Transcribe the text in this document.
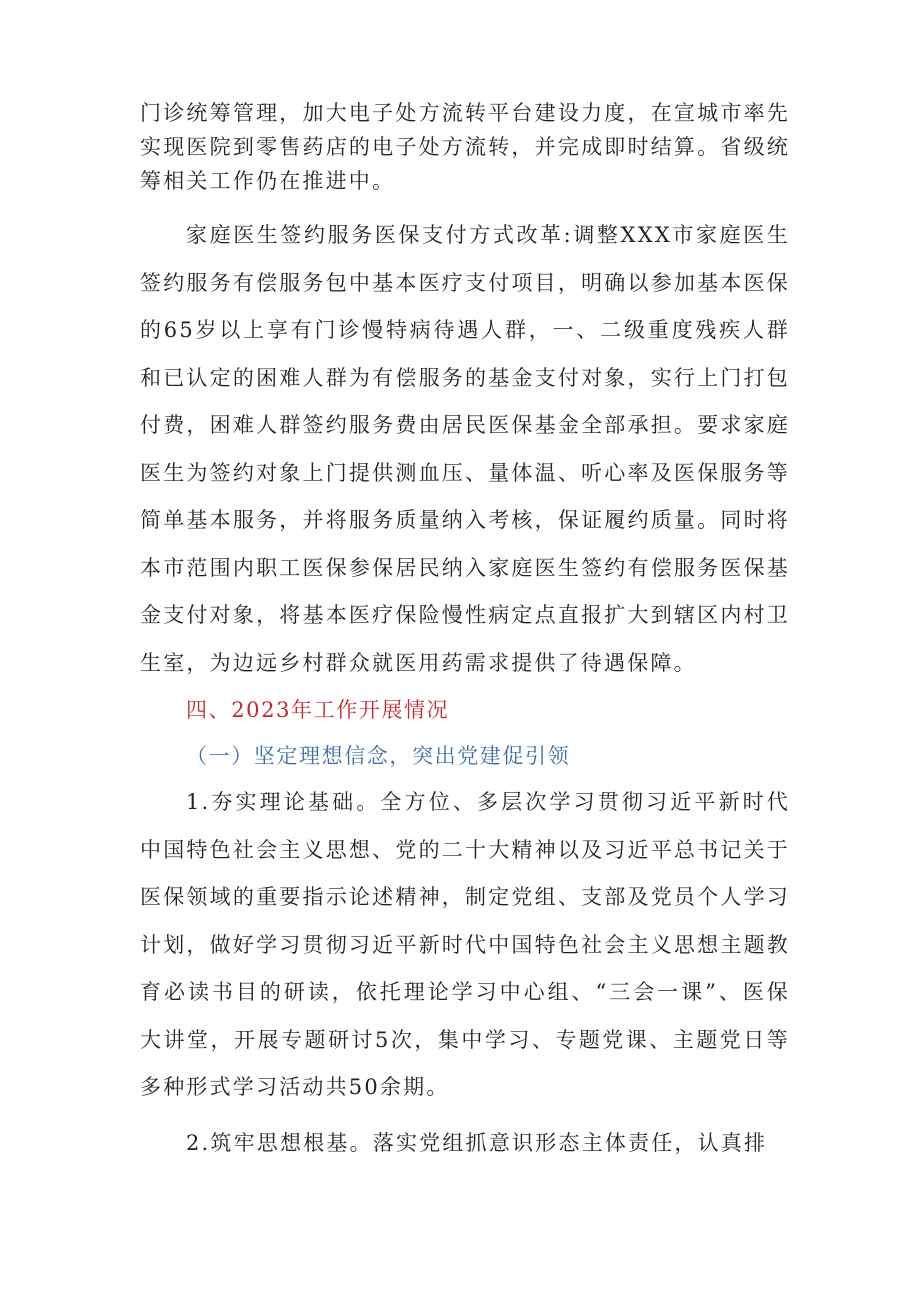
门诊统筹管理，加大电子处方流转平台建设力度，在宣城市率先实现医院到零售药店的电子处方流转，并完成即时结算。省级统筹相关工作仍在推进中。

家庭医生签约服务医保支付方式改革:调整XXX市家庭医生签约服务有偿服务包中基本医疗支付项目，明确以参加基本医保的65岁以上享有门诊慢特病待遇人群，一、二级重度残疾人群和已认定的困难人群为有偿服务的基金支付对象，实行上门打包付费，困难人群签约服务费由居民医保基金全部承担。要求家庭医生为签约对象上门提供测血压、量体温、听心率及医保服务等简单基本服务，并将服务质量纳入考核，保证履约质量。同时将本市范围内职工医保参保居民纳入家庭医生签约有偿服务医保基金支付对象，将基本医疗保险慢性病定点直报扩大到辖区内村卫生室，为边远乡村群众就医用药需求提供了待遇保障。

四、2023年工作开展情况

（一）坚定理想信念，突出党建促引领

1.夯实理论基础。全方位、多层次学习贯彻习近平新时代中国特色社会主义思想、党的二十大精神以及习近平总书记关于医保领域的重要指示论述精神，制定党组、支部及党员个人学习计划，做好学习贯彻习近平新时代中国特色社会主义思想主题教育必读书目的研读，依托理论学习中心组、“三会一课”、医保大讲堂，开展专题研讨5次，集中学习、专题党课、主题党日等多种形式学习活动共50余期。

2.筑牢思想根基。落实党组抓意识形态主体责任，认真排
